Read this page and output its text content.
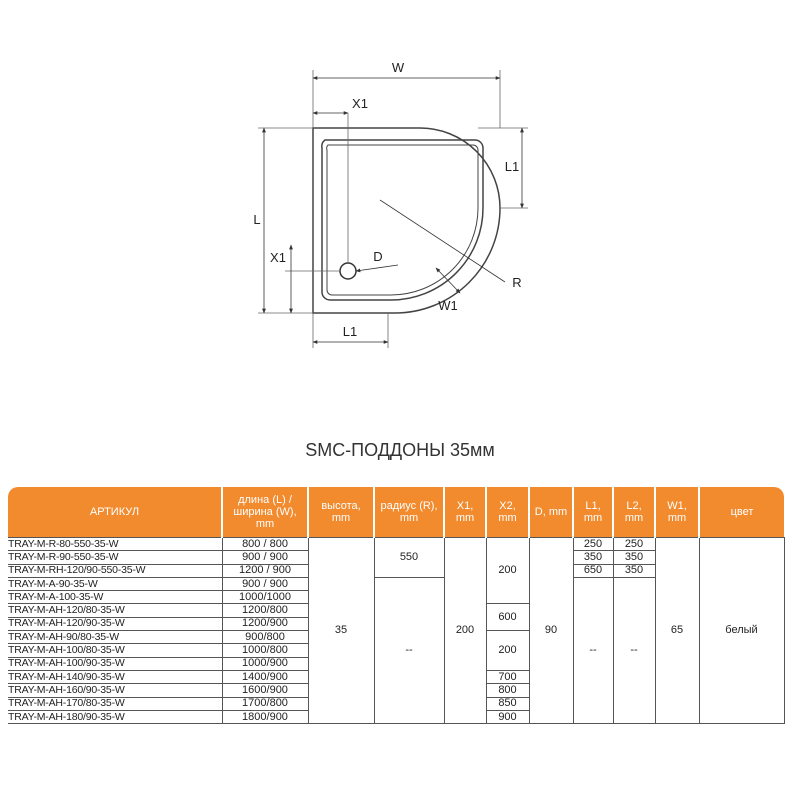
W
X1
L
L1
X1	D
R
W1
L1
SMC-ПОДДОНЫ 35мм
АРТИКУЛ	длина (L) / ширина (W), mm	высота, mm	радиус (R), mm	X1, mm	X2, mm	D, mm	L1, mm	L2, mm	W1, mm	цвет
TRAY-M-R-80-550-35-W	800 / 800	35	550	200	200	90	250	250	65	белый
TRAY-M-R-90-550-35-W	900 / 900						350	350		
TRAY-M-RH-120/90-550-35-W	1200 / 900						650	350		
TRAY-M-A-90-35-W	900 / 900		--				--	--		
TRAY-M-A-100-35-W	1000/1000									
TRAY-M-AH-120/80-35-W	1200/800				600					
TRAY-M-AH-120/90-35-W	1200/900									
TRAY-M-AH-90/80-35-W	900/800				200					
TRAY-M-AH-100/80-35-W	1000/800									
TRAY-M-AH-100/90-35-W	1000/900									
TRAY-M-AH-140/90-35-W	1400/900				700					
TRAY-M-AH-160/90-35-W	1600/900				800					
TRAY-M-AH-170/80-35-W	1700/800				850					
TRAY-M-AH-180/90-35-W	1800/900				900					
